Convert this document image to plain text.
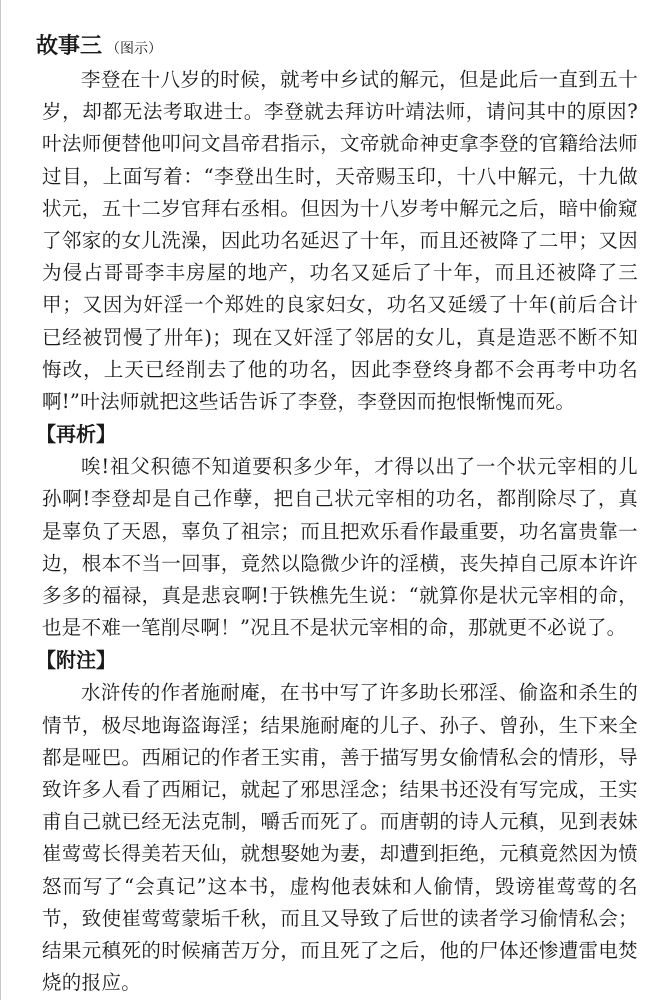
故事三 （图示）

李登在十八岁的时候，就考中乡试的解元，但是此后一直到五十岁，却都无法考取进士。李登就去拜访叶靖法师，请问其中的原因?叶法师便替他叩问文昌帝君指示，文帝就命神吏拿李登的官籍给法师过目，上面写着：“李登出生时，天帝赐玉印，十八中解元，十九做状元，五十二岁官拜右丞相。但因为十八岁考中解元之后，暗中偷窥了邻家的女儿洗澡，因此功名延迟了十年，而且还被降了二甲；又因为侵占哥哥李丰房屋的地产，功名又延后了十年，而且还被降了三甲；又因为奸淫一个郑姓的良家妇女，功名又延缓了十年(前后合计已经被罚慢了卅年)；现在又奸淫了邻居的女儿，真是造恶不断不知悔改，上天已经削去了他的功名，因此李登终身都不会再考中功名啊!”叶法师就把这些话告诉了李登，李登因而抱恨惭愧而死。

【再析】

唉!祖父积德不知道要积多少年，才得以出了一个状元宰相的儿孙啊!李登却是自己作孽，把自己状元宰相的功名，都削除尽了，真是辜负了天恩，辜负了祖宗；而且把欢乐看作最重要，功名富贵靠一边，根本不当一回事，竟然以隐微少许的淫横，丧失掉自己原本许许多多的福禄，真是悲哀啊!于铁樵先生说：“就算你是状元宰相的命，也是不难一笔削尽啊！”况且不是状元宰相的命，那就更不必说了。

【附注】

水浒传的作者施耐庵，在书中写了许多助长邪淫、偷盗和杀生的情节，极尽地诲盗诲淫；结果施耐庵的儿子、孙子、曾孙，生下来全都是哑巴。西厢记的作者王实甫，善于描写男女偷情私会的情形，导致许多人看了西厢记，就起了邪思淫念；结果书还没有写完成，王实甫自己就已经无法克制，嚼舌而死了。而唐朝的诗人元稹，见到表妹崔莺莺长得美若天仙，就想娶她为妻，却遭到拒绝，元稹竟然因为愤怒而写了“会真记”这本书，虚构他表妹和人偷情，毁谤崔莺莺的名节，致使崔莺莺蒙垢千秋，而且又导致了后世的读者学习偷情私会；结果元稹死的时候痛苦万分，而且死了之后，他的尸体还惨遭雷电焚烧的报应。
